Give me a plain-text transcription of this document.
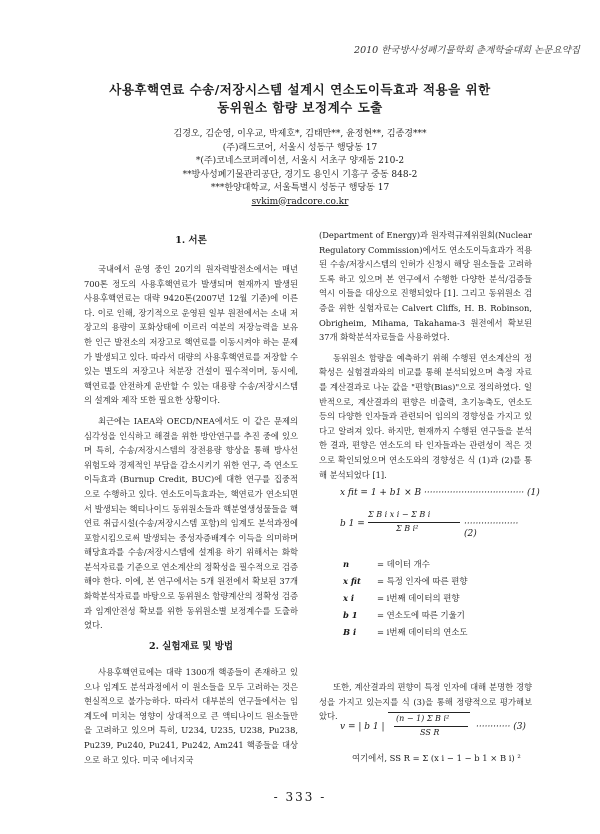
2010 한국방사성폐기물학회 춘계학술대회 논문요약집
사용후핵연료 수송/저장시스템 설계시 연소도이득효과 적용을 위한
동위원소 함량 보정계수 도출
김경오, 김순영, 이우교, 박제호*, 김태만**, 윤정현**, 김종경***
(주)래드코어, 서울시 성동구 행당동 17
*(주)코네스코퍼레이션, 서울시 서초구 양재동 210-2
**방사성폐기물관리공단, 경기도 용인시 기흥구 중동 848-2
***한양대학교, 서울특별시 성동구 행당동 17
svkim@radcore.co.kr
1. 서론

국내에서 운영 중인 20기의 원자력발전소에서는 매년 700톤 정도의 사용후핵연료가 발생되며 현재까지 발생된 사용후핵연료는 대략 9420톤(2007년 12월 기준)에 이른다. 이로 인해, 장기적으로 운영된 일부 원전에서는 소내 저장고의 용량이 포화상태에 이르러 여분의 저장능력을 보유한 인근 발전소의 저장고로 핵연료를 이동시켜야 하는 문제가 발생되고 있다. 따라서 대량의 사용후핵연료를 저장할 수 있는 별도의 저장고나 처분장 건설이 필수적이며, 동시에, 핵연료를 안전하게 운반할 수 있는 대용량 수송/저장시스템의 설계와 제작 또한 필요한 상황이다.

최근에는 IAEA와 OECD/NEA에서도 이 같은 문제의 심각성을 인식하고 해결을 위한 방안연구를 추진 중에 있으며 특히, 수송/저장시스템의 장전용량 향상을 통해 방사선 위험도와 경제적인 부담을 감소시키기 위한 연구, 즉 연소도이득효과 (Burnup Credit, BUC)에 대한 연구를 집중적으로 수행하고 있다. 연소도이득효과는, 핵연료가 연소되면서 발생되는 핵티나이드 동위원소들과 핵분열생성물들을 핵연료 취급시설(수송/저장시스템 포함)의 임계도 분석과정에 포함시킴으로써 발생되는 중성자증배계수 이득을 의미하며 해당효과를 수송/저장시스템에 설계용 하기 위해서는 화학분석자료를 기준으로 연소계산의 정확성을 필수적으로 검증해야 한다. 이에, 본 연구에서는 5개 원전에서 확보된 37개 화학분석자료를 바탕으로 동위원소 함량계산의 정확성 검증과 임계안전성 확보를 위한 동위원소별 보정계수를 도출하였다.

2. 실험재료 및 방법

사용후핵연료에는 대략 1300개 핵종들이 존재하고 있으나 임계도 분석과정에서 이 원소들을 모두 고려하는 것은 현실적으로 불가능하다. 따라서 대부분의 연구들에서는 임계도에 미치는 영향이 상대적으로 큰 액티나이드 원소들만을 고려하고 있으며 특히, U234, U235, U238, Pu238, Pu239, Pu240, Pu241, Pu242, Am241 핵종들을 대상으로 하고 있다. 미국 에너지국

(Department of Energy)과 원자력규제위원회(Nuclear Regulatory Commission)에서도 연소도이득효과가 적용된 수송/저장시스템의 인허가 신청시 해당 원소들을 고려하도록 하고 있으며 본 연구에서 수행한 다양한 분석/검증들 역시 이들을 대상으로 진행되었다 [1]. 그리고 동위원소 검증을 위한 실험자료는 Calvert Cliffs, H. B. Robinson, Obrigheim, Mihama, Takahama-3 원전에서 확보된 37개 화학분석자료들을 사용하였다.

동위원소 함량을 예측하기 위해 수행된 연소계산의 정확성은 실험결과와의 비교를 통해 분석되었으며 측정 자료를 계산결과로 나눈 값을 "편향(Bias)"으로 정의하였다. 일반적으로, 계산결과의 편향은 비출력, 초기농축도, 연소도 등의 다양한 인자들과 관련되어 임의의 경향성을 가지고 있다고 알려져 있다. 하지만, 현재까지 수행된 연구들을 분석한 결과, 편향은 연소도의 타 인자들과는 관련성이 적은 것으로 확인되었으며 연소도와의 경향성은 식 (1)과 (2)를 통해 분석되었다 [1].

x fit = 1 + b1 × B ··································· (1)
b 1 =
Σ B i x i − Σ B i
Σ B i²	··················· (2)
n	= 데이터 개수
x fit = 특정 인자에 따른 편향
x i	= i번째 데이터의 편향
b 1 = 연소도에 따른 기울기
B i = i번째 데이터의 연소도

또한, 계산결과의 편향이 특정 인자에 대해 분명한 경향성을 가지고 있는지를 식 (3)을 통해 정량적으로 평가해보았다.

v = | b 1 |
(n − 1) Σ B i²
SS R
············ (3)
여기에서, SS R = Σ (x i − 1 − b 1 × B i) ²
- 333 -
